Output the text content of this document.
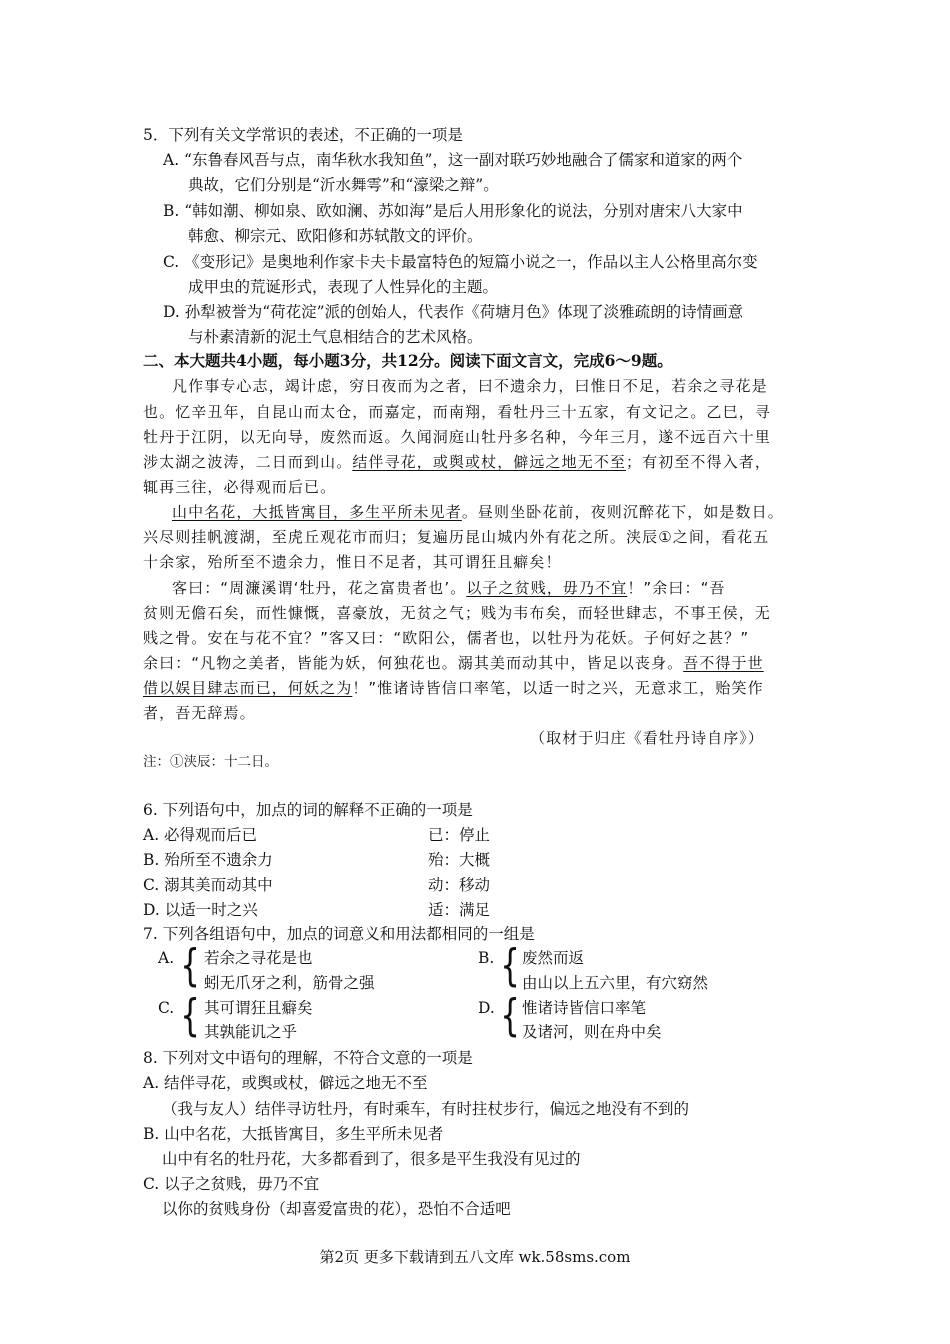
5．下列有关文学常识的表述，不正确的一项是
A. “东鲁春风吾与点，南华秋水我知鱼”，这一副对联巧妙地融合了儒家和道家的两个
典故，它们分别是“沂水舞雩”和“濠梁之辩”。
B. “韩如潮、柳如泉、欧如澜、苏如海”是后人用形象化的说法，分别对唐宋八大家中
韩愈、柳宗元、欧阳修和苏轼散文的评价。
C. 《变形记》是奥地利作家卡夫卡最富特色的短篇小说之一，作品以主人公格里高尔变
成甲虫的荒诞形式，表现了人性异化的主题。
D. 孙犁被誉为“荷花淀”派的创始人，代表作《荷塘月色》体现了淡雅疏朗的诗情画意
与朴素清新的泥土气息相结合的艺术风格。
二、本大题共4小题，每小题3分，共12分。阅读下面文言文，完成6～9题。
凡作事专心志，竭计虑，穷日夜而为之者，曰不遗余力，曰惟日不足，若余之寻花是
也。忆辛丑年，自昆山而太仓，而嘉定，而南翔，看牡丹三十五家，有文记之。乙巳，寻
牡丹于江阴，以无向导，废然而返。久闻洞庭山牡丹多名种，今年三月，遂不远百六十里
涉太湖之波涛，二日而到山。结伴寻花，或舆或杖，僻远之地无不至；有初至不得入者，
辄再三往，必得观而后已。
山中名花，大抵皆寓目，多生平所未见者。昼则坐卧花前，夜则沉醉花下，如是数日。
兴尽则挂帆渡湖，至虎丘观花市而归；复遍历昆山城内外有花之所。浃辰①之间，看花五
十余家，殆所至不遗余力，惟日不足者，其可谓狂且癖矣！
客曰：“周濂溪谓‘牡丹，花之富贵者也’。以子之贫贱，毋乃不宜！”余曰：“吾
贫则无儋石矣，而性慷慨，喜豪放，无贫之气；贱为韦布矣，而轻世肆志，不事王侯，无
贱之骨。安在与花不宜？”客又曰：“欧阳公，儒者也，以牡丹为花妖。子何好之甚？”
余曰：“凡物之美者，皆能为妖，何独花也。溺其美而动其中，皆足以丧身。吾不得于世
借以娱目肆志而已，何妖之为！”惟诸诗皆信口率笔，以适一时之兴，无意求工，贻笑作
者，吾无辞焉。
（取材于归庄《看牡丹诗自序》）
注：①浃辰：十二日。
6. 下列语句中，加点的词的解释不正确的一项是
A. 必得观而后已	已：停止
B. 殆所至不遗余力	殆：大概
C. 溺其美而动其中	动：移动
D. 以适一时之兴	适：满足
7. 下列各组语句中，加点的词意义和用法都相同的一组是
A. { 若余之寻花是也
蚓无爪牙之利，筋骨之强
B. { 废然而返
由山以上五六里，有穴窈然
C. { 其可谓狂且癖矣
其孰能讥之乎
D. { 惟诸诗皆信口率笔
及诸河，则在舟中矣
8. 下列对文中语句的理解，不符合文意的一项是
A. 结伴寻花，或舆或杖，僻远之地无不至
（我与友人）结伴寻访牡丹，有时乘车，有时拄杖步行，偏远之地没有不到的
B. 山中名花，大抵皆寓目，多生平所未见者
山中有名的牡丹花，大多都看到了，很多是平生我没有见过的
C. 以子之贫贱，毋乃不宜
以你的贫贱身份（却喜爱富贵的花），恐怕不合适吧
第2页 更多下载请到五八文库 wk.58sms.com
